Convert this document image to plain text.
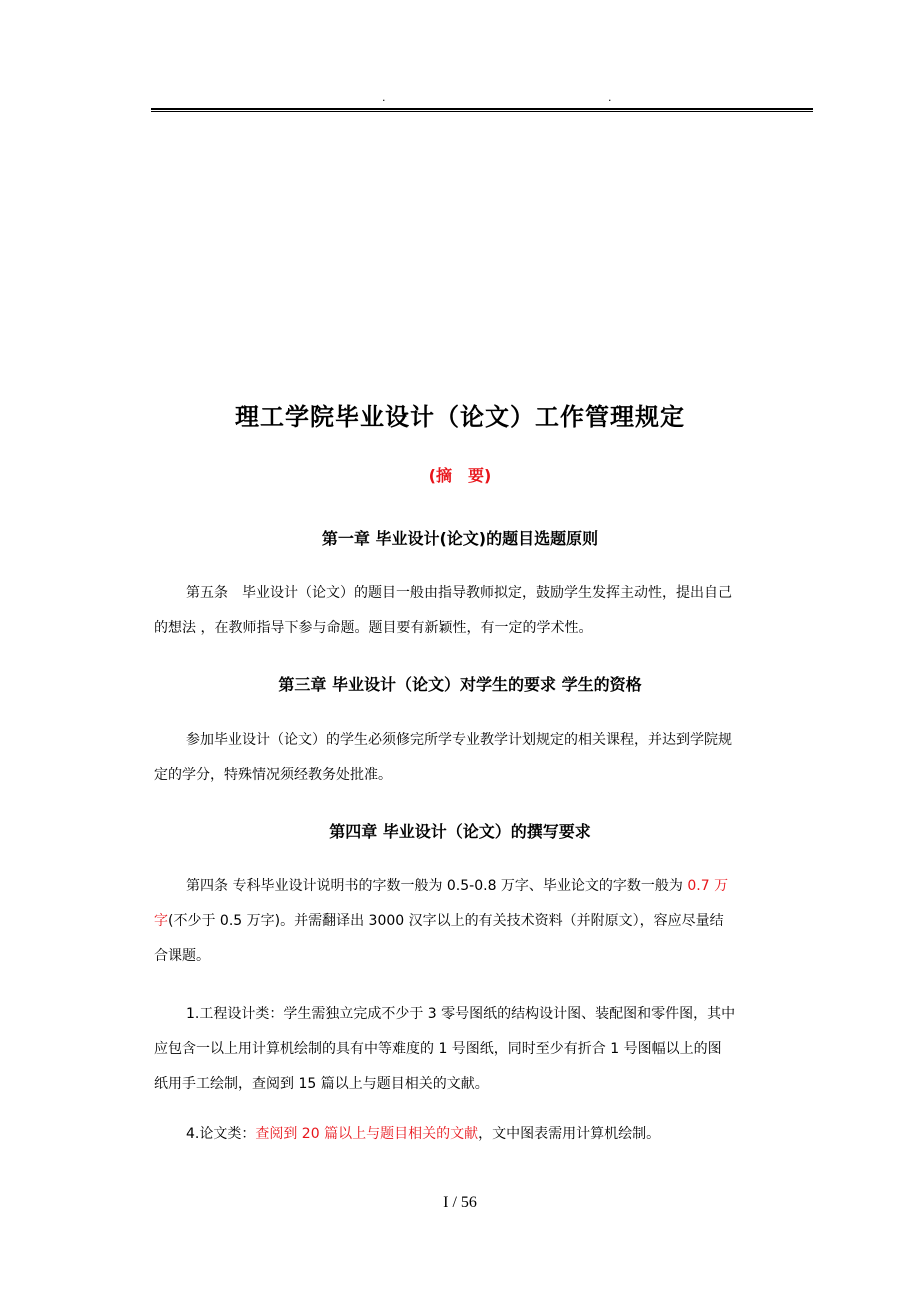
.	.
理工学院毕业设计（论文）工作管理规定
(摘　要)
第一章 毕业设计(论文)的题目选题原则
第五条　毕业设计（论文）的题目一般由指导教师拟定，鼓励学生发挥主动性，提出自己
的想法 ，在教师指导下参与命题。题目要有新颖性，有一定的学术性。
第三章 毕业设计（论文）对学生的要求 学生的资格
参加毕业设计（论文）的学生必须修完所学专业教学计划规定的相关课程，并达到学院规
定的学分，特殊情况须经教务处批准。
第四章 毕业设计（论文）的撰写要求
第四条 专科毕业设计说明书的字数一般为 0.5-0.8 万字、毕业论文的字数一般为 0.7 万
字(不少于 0.5 万字)。并需翻译出 3000 汉字以上的有关技术资料（并附原文），容应尽量结
合课题。
1.工程设计类：学生需独立完成不少于 3 零号图纸的结构设计图、装配图和零件图，其中
应包含一以上用计算机绘制的具有中等难度的 1 号图纸，同时至少有折合 1 号图幅以上的图
纸用手工绘制，查阅到 15 篇以上与题目相关的文献。
4.论文类：查阅到 20 篇以上与题目相关的文献，文中图表需用计算机绘制。
I / 56
